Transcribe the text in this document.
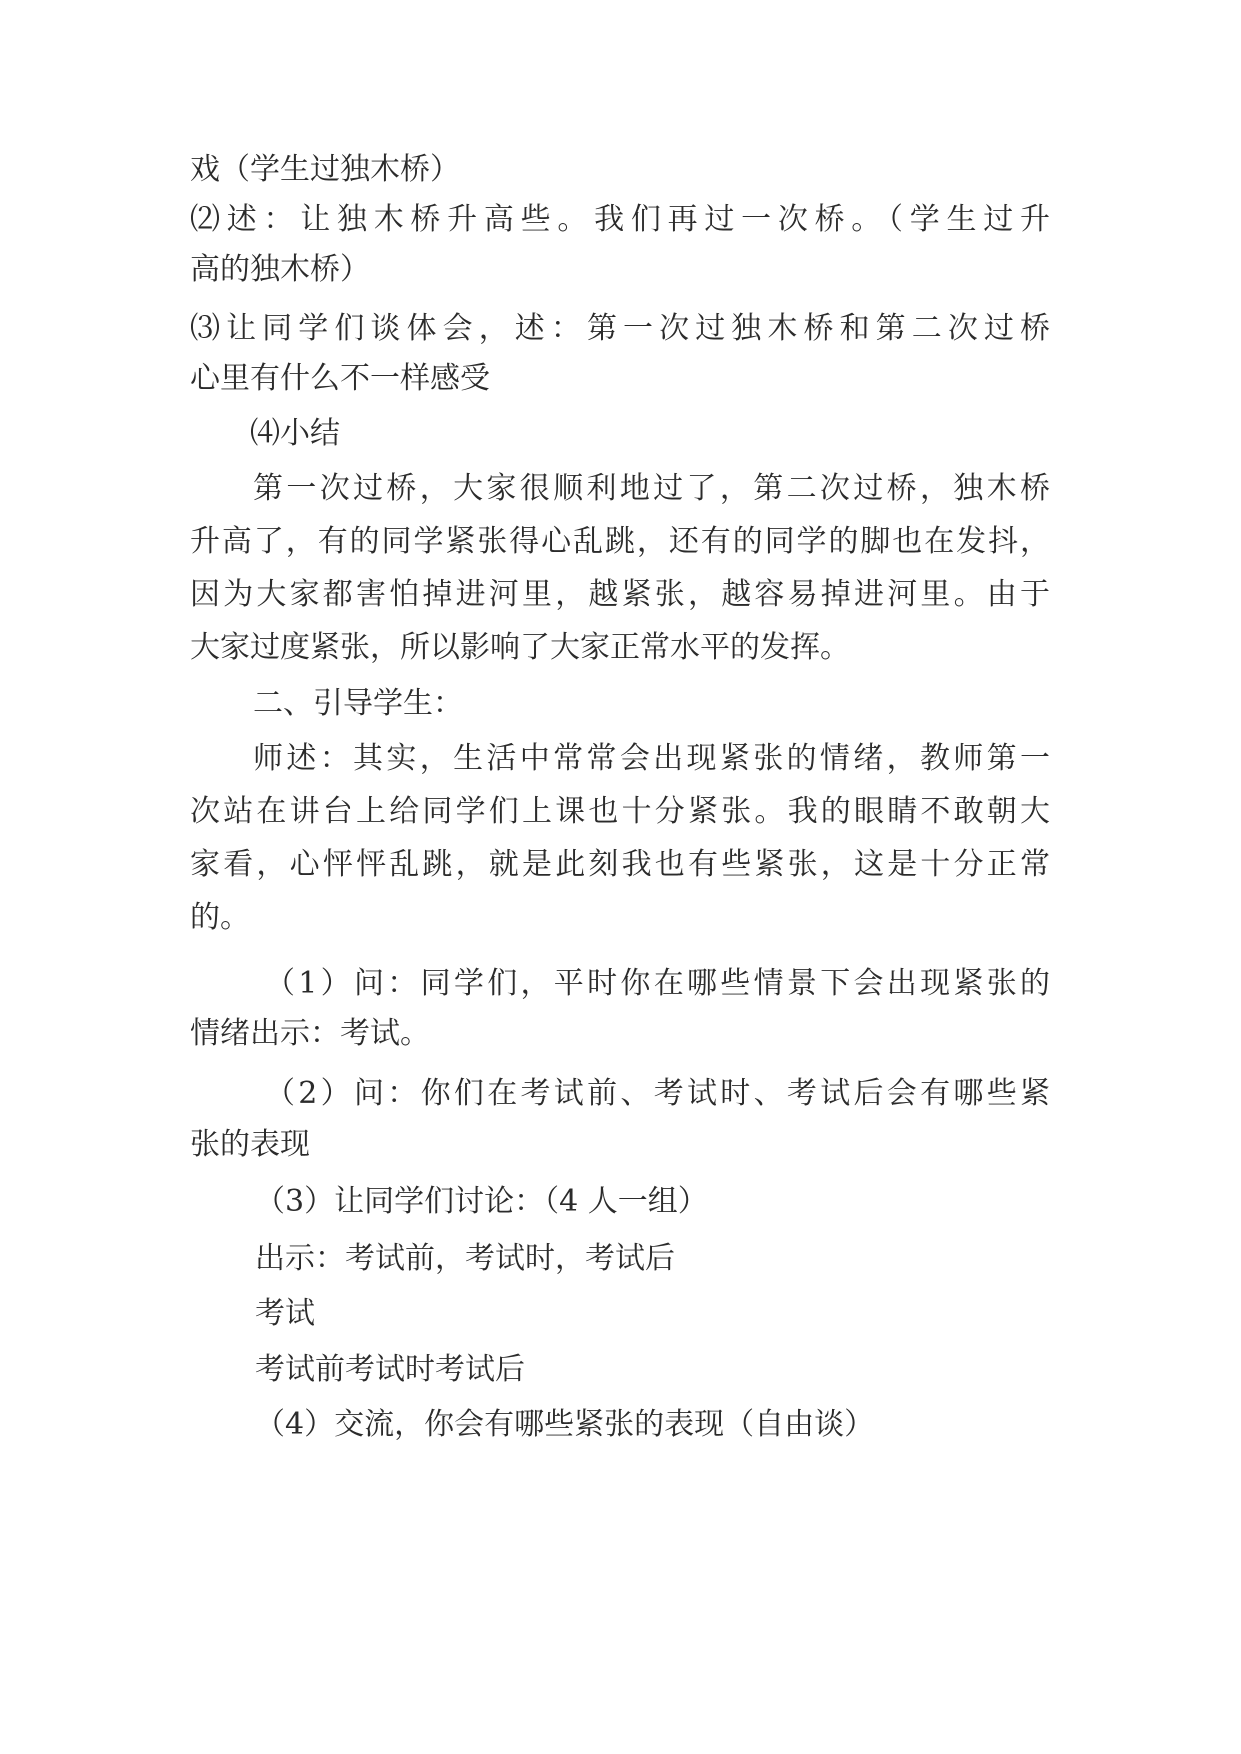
戏（学生过独木桥）

⑵述：让独木桥升高些。我们再过一次桥。（学生过升

高的独木桥）

⑶让同学们谈体会，述：第一次过独木桥和第二次过桥

心里有什么不一样感受

⑷小结

第一次过桥，大家很顺利地过了，第二次过桥，独木桥

升高了，有的同学紧张得心乱跳，还有的同学的脚也在发抖，

因为大家都害怕掉进河里，越紧张，越容易掉进河里。由于

大家过度紧张，所以影响了大家正常水平的发挥。

二、引导学生：

师述：其实，生活中常常会出现紧张的情绪，教师第一

次站在讲台上给同学们上课也十分紧张。我的眼睛不敢朝大

家看，心怦怦乱跳，就是此刻我也有些紧张，这是十分正常

的。

（1）问：同学们，平时你在哪些情景下会出现紧张的

情绪出示：考试。

（2）问：你们在考试前、考试时、考试后会有哪些紧

张的表现

（3）让同学们讨论：（4 人一组）

出示：考试前，考试时，考试后

考试

考试前考试时考试后

（4）交流，你会有哪些紧张的表现（自由谈）
